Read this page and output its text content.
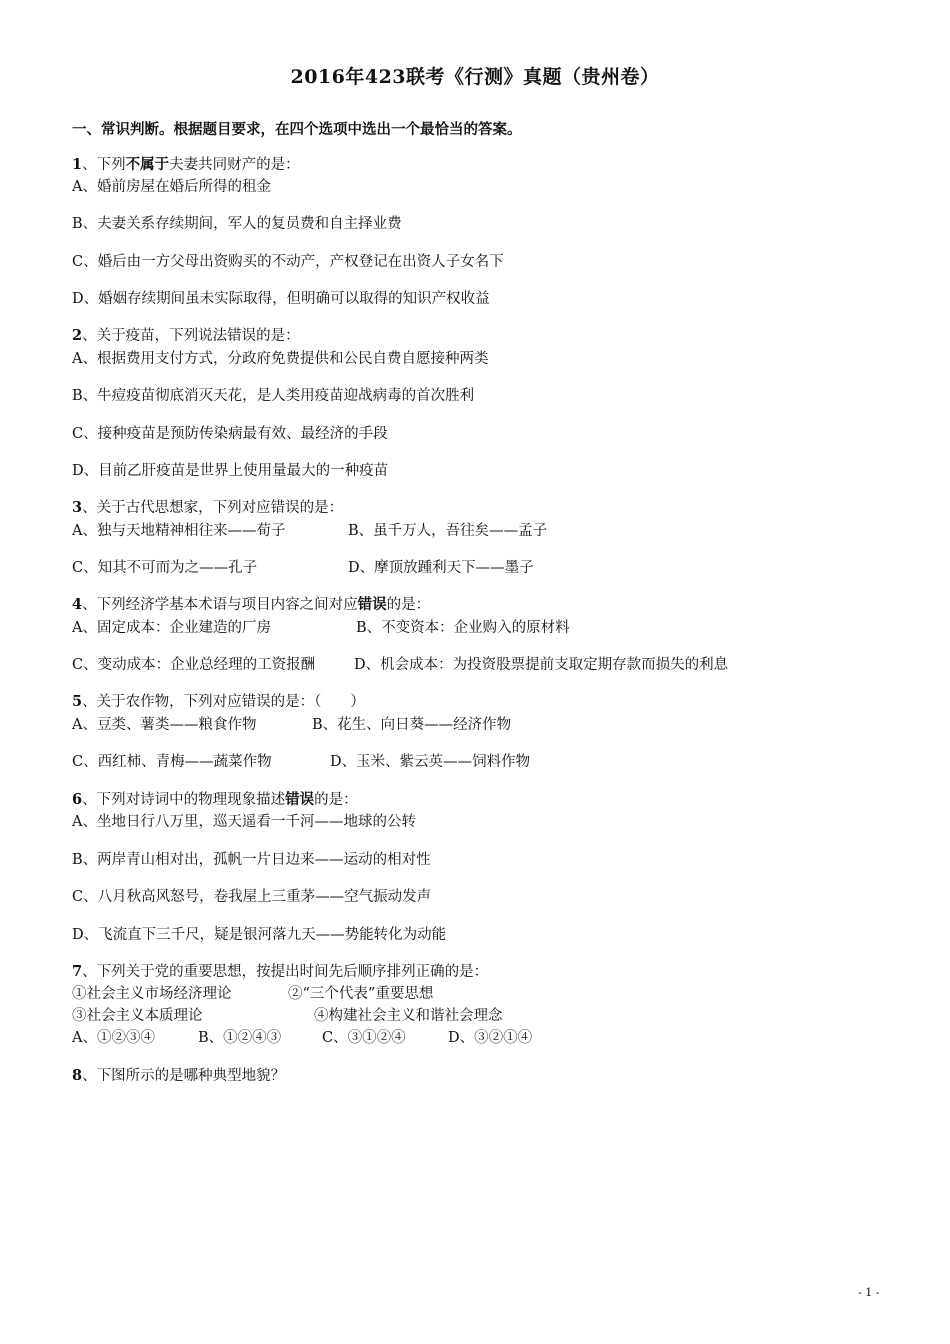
2016年423联考《行测》真题（贵州卷）
一、常识判断。根据题目要求，在四个选项中选出一个最恰当的答案。
1、下列不属于夫妻共同财产的是：
A、婚前房屋在婚后所得的租金
B、夫妻关系存续期间，军人的复员费和自主择业费
C、婚后由一方父母出资购买的不动产，产权登记在出资人子女名下
D、婚姻存续期间虽未实际取得，但明确可以取得的知识产权收益
2、关于疫苗，下列说法错误的是：
A、根据费用支付方式，分政府免费提供和公民自费自愿接种两类
B、牛痘疫苗彻底消灭天花，是人类用疫苗迎战病毒的首次胜利
C、接种疫苗是预防传染病最有效、最经济的手段
D、目前乙肝疫苗是世界上使用量最大的一种疫苗
3、关于古代思想家，下列对应错误的是：
A、独与天地精神相往来——荀子	B、虽千万人，吾往矣——孟子
C、知其不可而为之——孔子	D、摩顶放踵利天下——墨子
4、下列经济学基本术语与项目内容之间对应错误的是：
A、固定成本：企业建造的厂房	B、不变资本：企业购入的原材料
C、变动成本：企业总经理的工资报酬	D、机会成本：为投资股票提前支取定期存款而损失的利息
5、关于农作物，下列对应错误的是：（　　）
A、豆类、薯类——粮食作物	B、花生、向日葵——经济作物
C、西红柿、青梅——蔬菜作物	D、玉米、紫云英——饲料作物
6、下列对诗词中的物理现象描述错误的是：
A、坐地日行八万里，巡天遥看一千河——地球的公转
B、两岸青山相对出，孤帆一片日边来——运动的相对性
C、八月秋高风怒号，卷我屋上三重茅——空气振动发声
D、飞流直下三千尺，疑是银河落九天——势能转化为动能
7、下列关于党的重要思想，按提出时间先后顺序排列正确的是：
①社会主义市场经济理论	②“三个代表”重要思想
③社会主义本质理论	④构建社会主义和谐社会理念
A、①②③④	B、①②④③	C、③①②④	D、③②①④
8、下图所示的是哪种典型地貌？
- 1 -
